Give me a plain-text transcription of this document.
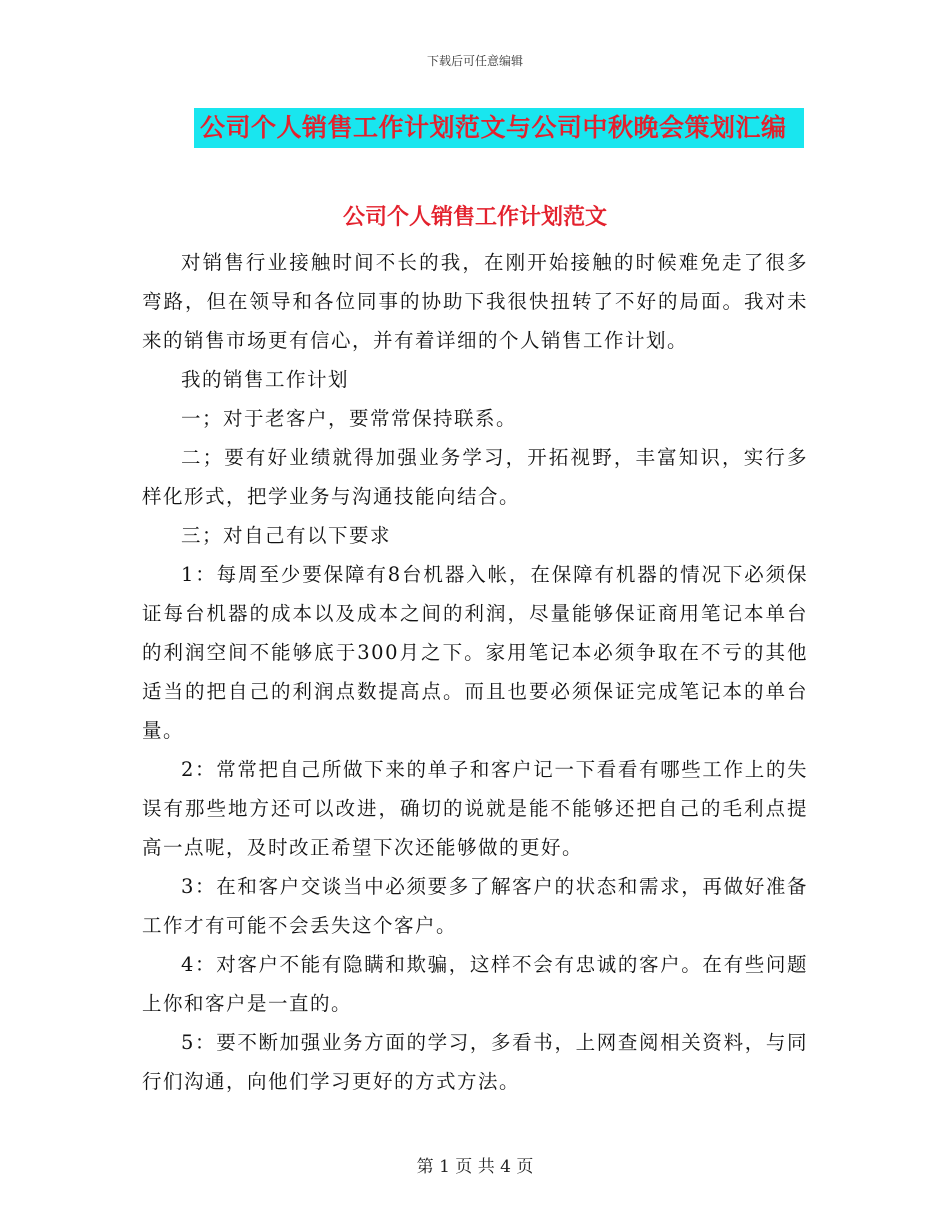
下载后可任意编辑
公司个人销售工作计划范文与公司中秋晚会策划汇编
公司个人销售工作计划范文

对销售行业接触时间不长的我，在刚开始接触的时候难免走了很多弯路，但在领导和各位同事的协助下我很快扭转了不好的局面。我对未来的销售市场更有信心，并有着详细的个人销售工作计划。

我的销售工作计划

一；对于老客户，要常常保持联系。

二；要有好业绩就得加强业务学习，开拓视野，丰富知识，实行多样化形式，把学业务与沟通技能向结合。

三；对自己有以下要求

1：每周至少要保障有8台机器入帐，在保障有机器的情况下必须保证每台机器的成本以及成本之间的利润，尽量能够保证商用笔记本单台的利润空间不能够底于300月之下。家用笔记本必须争取在不亏的其他适当的把自己的利润点数提高点。而且也要必须保证完成笔记本的单台量。

2：常常把自己所做下来的单子和客户记一下看看有哪些工作上的失误有那些地方还可以改进，确切的说就是能不能够还把自己的毛利点提高一点呢，及时改正希望下次还能够做的更好。

3：在和客户交谈当中必须要多了解客户的状态和需求，再做好准备工作才有可能不会丢失这个客户。

4：对客户不能有隐瞒和欺骗，这样不会有忠诚的客户。在有些问题上你和客户是一直的。

5：要不断加强业务方面的学习，多看书，上网查阅相关资料，与同行们沟通，向他们学习更好的方式方法。

第 1 页 共 4 页
